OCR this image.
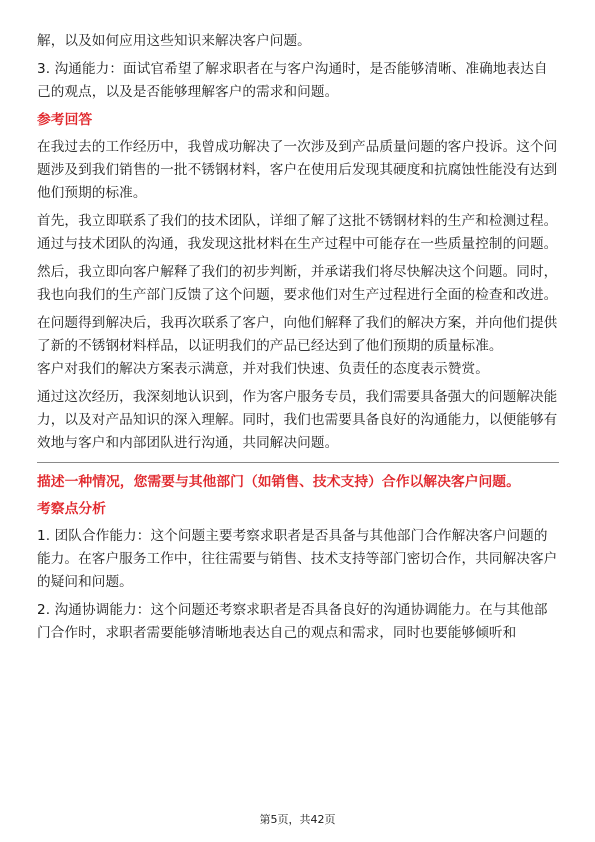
解，以及如何应用这些知识来解决客户问题。

3. 沟通能力：面试官希望了解求职者在与客户沟通时，是否能够清晰、准确地表达自己的观点，以及是否能够理解客户的需求和问题。

参考回答

在我过去的工作经历中，我曾成功解决了一次涉及到产品质量问题的客户投诉。这个问题涉及到我们销售的一批不锈钢材料，客户在使用后发现其硬度和抗腐蚀性能没有达到他们预期的标准。

首先，我立即联系了我们的技术团队，详细了解了这批不锈钢材料的生产和检测过程。通过与技术团队的沟通，我发现这批材料在生产过程中可能存在一些质量控制的问题。

然后，我立即向客户解释了我们的初步判断，并承诺我们将尽快解决这个问题。同时，我也向我们的生产部门反馈了这个问题，要求他们对生产过程进行全面的检查和改进。

在问题得到解决后，我再次联系了客户，向他们解释了我们的解决方案，并向他们提供了新的不锈钢材料样品，以证明我们的产品已经达到了他们预期的质量标准。

客户对我们的解决方案表示满意，并对我们快速、负责任的态度表示赞赏。

通过这次经历，我深刻地认识到，作为客户服务专员，我们需要具备强大的问题解决能力，以及对产品知识的深入理解。同时，我们也需要具备良好的沟通能力，以便能够有效地与客户和内部团队进行沟通，共同解决问题。

描述一种情况，您需要与其他部门（如销售、技术支持）合作以解决客户问题。
考察点分析

1. 团队合作能力：这个问题主要考察求职者是否具备与其他部门合作解决客户问题的能力。在客户服务工作中，往往需要与销售、技术支持等部门密切合作，共同解决客户的疑问和问题。

2. 沟通协调能力：这个问题还考察求职者是否具备良好的沟通协调能力。在与其他部门合作时，求职者需要能够清晰地表达自己的观点和需求，同时也要能够倾听和

第5页，共42页
